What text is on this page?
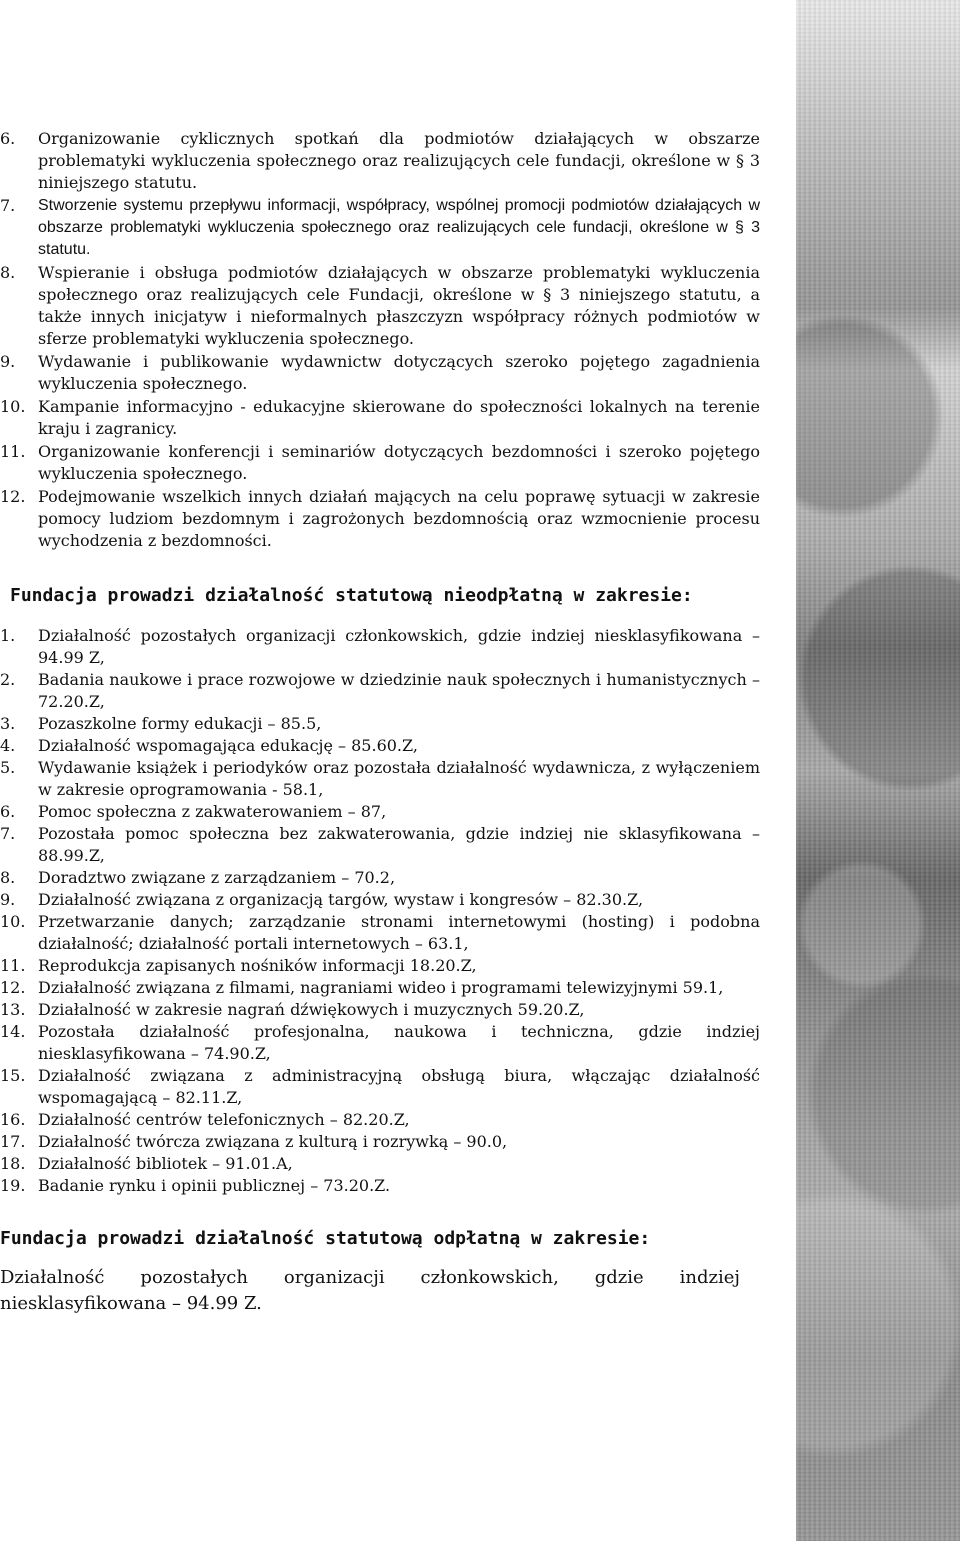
6.	Organizowanie cyklicznych spotkań dla podmiotów działających w obszarze problematyki wykluczenia społecznego oraz realizujących cele fundacji, określone w § 3 niniejszego statutu.
7.	Stworzenie systemu przepływu informacji, współpracy, wspólnej promocji podmiotów działających w obszarze problematyki wykluczenia społecznego oraz realizujących cele fundacji, określone w § 3 statutu.
8.	Wspieranie i obsługa podmiotów działających w obszarze problematyki wykluczenia społecznego oraz realizujących cele Fundacji, określone w § 3 niniejszego statutu, a także innych inicjatyw i nieformalnych płaszczyzn współpracy różnych podmiotów w sferze problematyki wykluczenia społecznego.
9.	Wydawanie i publikowanie wydawnictw dotyczących szeroko pojętego zagadnienia wykluczenia społecznego.
10. Kampanie informacyjno - edukacyjne skierowane do społeczności lokalnych na terenie kraju i zagranicy.
11. Organizowanie konferencji i seminariów dotyczących bezdomności i szeroko pojętego wykluczenia społecznego.
12. Podejmowanie wszelkich innych działań mających na celu poprawę sytuacji w zakresie pomocy ludziom bezdomnym i zagrożonych bezdomnością oraz wzmocnienie procesu wychodzenia z bezdomności.
Fundacja prowadzi działalność statutową nieodpłatną w zakresie:
1.	Działalność pozostałych organizacji członkowskich, gdzie indziej niesklasyfikowana – 94.99 Z,
2.	Badania naukowe i prace rozwojowe w dziedzinie nauk społecznych i humanistycznych – 72.20.Z,
3.	Pozaszkolne formy edukacji – 85.5,
4.	Działalność wspomagająca edukację – 85.60.Z,
5.	Wydawanie książek i periodyków oraz pozostała działalność wydawnicza, z wyłączeniem w zakresie oprogramowania - 58.1,
6.	Pomoc społeczna z zakwaterowaniem – 87,
7.	Pozostała pomoc społeczna bez zakwaterowania, gdzie indziej nie sklasyfikowana – 88.99.Z,
8.	Doradztwo związane z zarządzaniem – 70.2,
9.	Działalność związana z organizacją targów, wystaw i kongresów – 82.30.Z,
10. Przetwarzanie danych; zarządzanie stronami internetowymi (hosting) i podobna działalność; działalność portali internetowych – 63.1,
11. Reprodukcja zapisanych nośników informacji 18.20.Z,
12. Działalność związana z filmami, nagraniami wideo i programami telewizyjnymi 59.1,
13. Działalność w zakresie nagrań dźwiękowych i muzycznych 59.20.Z,
14. Pozostała działalność profesjonalna, naukowa i techniczna, gdzie indziej niesklasyfikowana – 74.90.Z,
15. Działalność związana z administracyjną obsługą biura, włączając działalność wspomagającą – 82.11.Z,
16. Działalność centrów telefonicznych – 82.20.Z,
17. Działalność twórcza związana z kulturą i rozrywką – 90.0,
18. Działalność bibliotek – 91.01.A,
19. Badanie rynku i opinii publicznej – 73.20.Z.
Fundacja prowadzi działalność statutową odpłatną w zakresie:

Działalność pozostałych organizacji członkowskich, gdzie indziej niesklasyfikowana – 94.99 Z.
